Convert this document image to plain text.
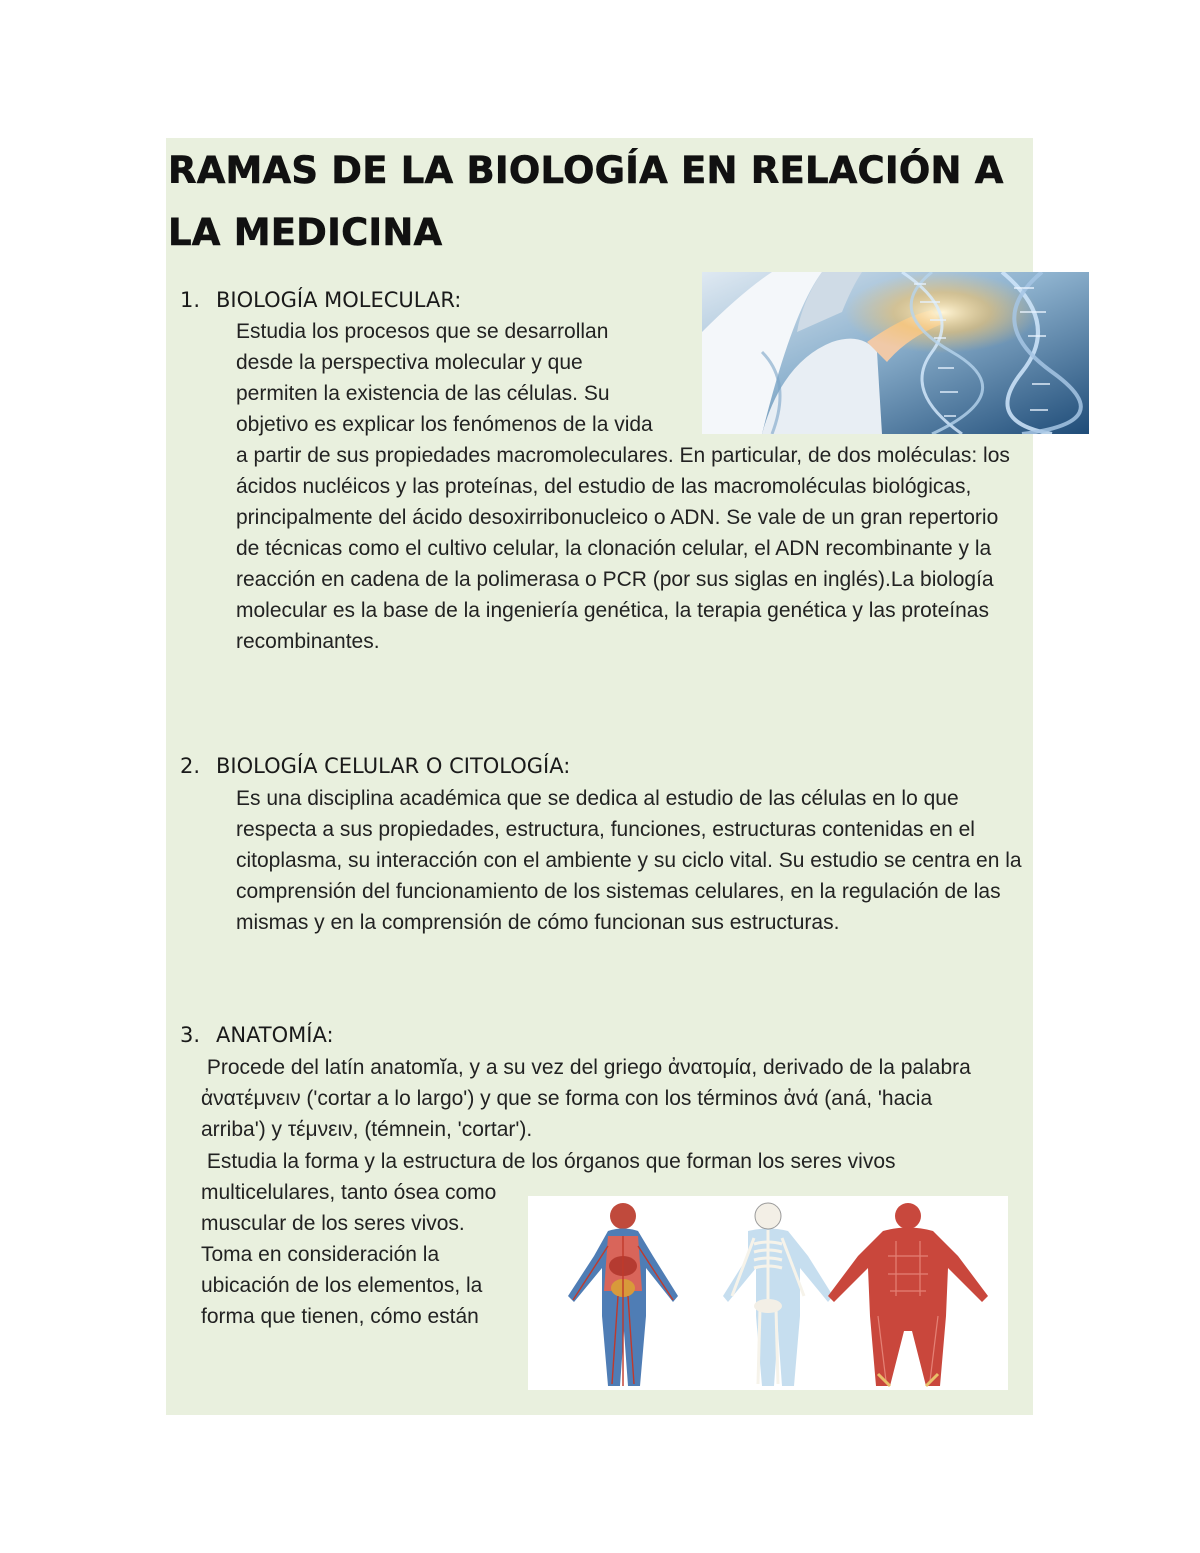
RAMAS DE LA BIOLOGÍA EN RELACIÓN A LA MEDICINA
1. BIOLOGÍA MOLECULAR:
Estudia los procesos que se desarrollan desde la perspectiva molecular y que permiten la existencia de las células. Su objetivo es explicar los fenómenos de la vida a partir de sus propiedades macromoleculares. En particular, de dos moléculas: los ácidos nucléicos y las proteínas, del estudio de las macromoléculas biológicas, principalmente del ácido desoxirribonucleico o ADN. Se vale de un gran repertorio de técnicas como el cultivo celular, la clonación celular, el ADN recombinante y la reacción en cadena de la polimerasa o PCR (por sus siglas en inglés).La biología molecular es la base de la ingeniería genética, la terapia genética y las proteínas recombinantes.
2. BIOLOGÍA CELULAR O CITOLOGÍA:

Es una disciplina académica que se dedica al estudio de las células en lo que respecta a sus propiedades, estructura, funciones, estructuras contenidas en el citoplasma, su interacción con el ambiente y su ciclo vital. Su estudio se centra en la comprensión del funcionamiento de los sistemas celulares, en la regulación de las mismas y en la comprensión de cómo funcionan sus estructuras.

3. ANATOMÍA:

Procede del latín anatomĭa, y a su vez del griego ἀνατομία, derivado de la palabra ἀνατέμνειν ('cortar a lo largo') y que se forma con los términos ἀνά (aná, 'hacia arriba') y τέμνειν, (témnein, 'cortar').

Estudia la forma y la estructura de los órganos que forman los seres vivos

multicelulares, tanto ósea como muscular de los seres vivos. Toma en consideración la ubicación de los elementos, la forma que tienen, cómo están
